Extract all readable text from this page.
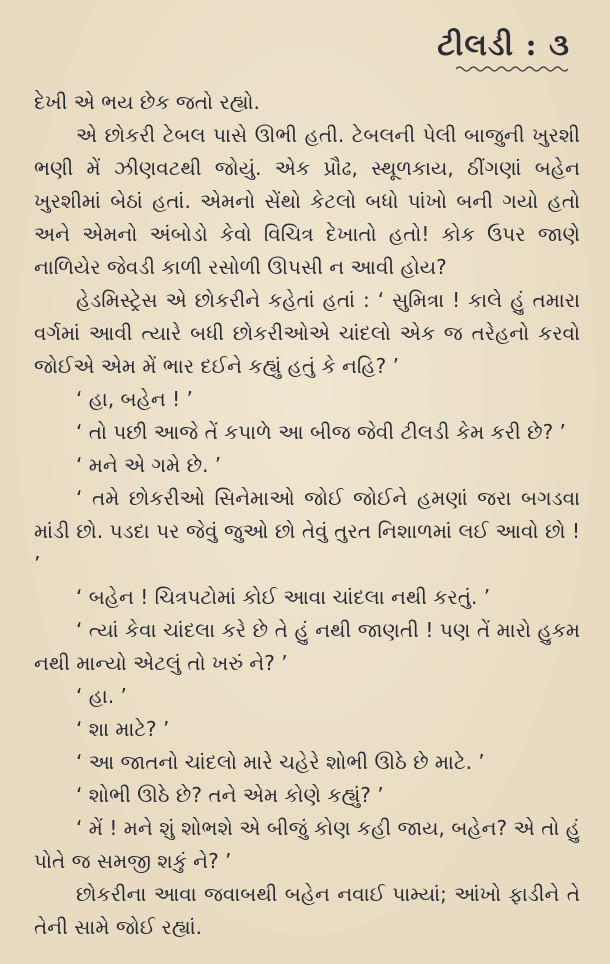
ટીલડી : ૩

દેખી એ ભય છેક જતો રહ્યો.

એ છોકરી ટેબલ પાસે ઊભી હતી. ટેબલની પેલી બાજુની ખુરશી ભણી મેં ઝીણવટથી જોયું. એક પ્રૌઢ, સ્થૂળકાય, ઠીંગણાં બહેન ખુરશીમાં બેઠાં હતાં. એમનો સેંથો કેટલો બધો પાંખો બની ગયો હતો અને એમનો અંબોડો કેવો વિચિત્ર દેખાતો હતો! કોક ઉપર જાણે નાળિયેર જેવડી કાળી રસોળી ઊપસી ન આવી હોય?

હેડમિસ્ટ્રેસ એ છોકરીને કહેતાં હતાં : ‘ સુમિત્રા ! કાલે હું તમારા વર્ગમાં આવી ત્યારે બધી છોકરીઓએ ચાંદલો એક જ તરેહનો કરવો જોઈએ એમ મેં ભાર દઈને કહ્યું હતું કે નહિ? ’

‘ હા, બહેન ! ’

‘ તો પછી આજે તેં કપાળે આ બીજ જેવી ટીલડી કેમ કરી છે? ’

‘ મને એ ગમે છે. ’

‘ તમે છોકરીઓ સિનેમાઓ જોઈ જોઈને હમણાં જરા બગડવા માંડી છો. પડદા પર જેવું જુઓ છો તેવું તુરત નિશાળમાં લઈ આવો છો ! ’

‘ બહેન ! ચિત્રપટોમાં કોઈ આવા ચાંદલા નથી કરતું. ’

‘ ત્યાં કેવા ચાંદલા કરે છે તે હું નથી જાણતી ! પણ તેં મારો હુકમ નથી માન્યો એટલું તો ખરું ને? ’

‘ હા. ’

‘ શા માટે? ’

‘ આ જાતનો ચાંદલો મારે ચહેરે શોભી ઊઠે છે માટે. ’

‘ શોભી ઊઠે છે? તને એમ કોણે કહ્યું? ’

‘ મેં ! મને શું શોભશે એ બીજું કોણ કહી જાય, બહેન? એ તો હું પોતે જ સમજી શકું ને? ’

છોકરીના આવા જવાબથી બહેન નવાઈ પામ્યાં; આંખો ફાડીને તે તેની સામે જોઈ રહ્યાં.
